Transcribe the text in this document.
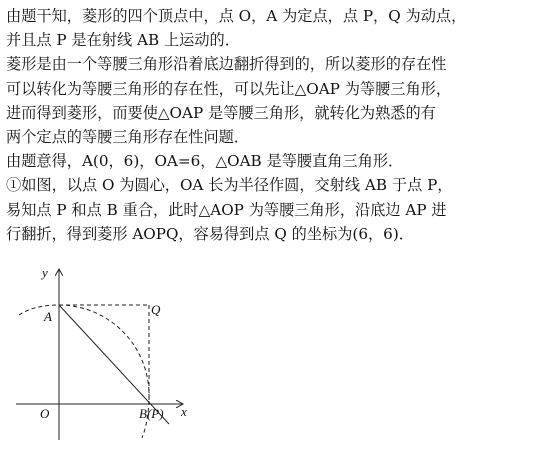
由题干知，菱形的四个顶点中，点 O，A 为定点，点 P，Q 为动点，
并且点 P 是在射线 AB 上运动的．
菱形是由一个等腰三角形沿着底边翻折得到的，所以菱形的存在性
可以转化为等腰三角形的存在性，可以先让△OAP 为等腰三角形，
进而得到菱形，而要使△OAP 是等腰三角形，就转化为熟悉的有
两个定点的等腰三角形存在性问题．
由题意得，A(0，6)，OA=6，△OAB 是等腰直角三角形．
①如图，以点 O 为圆心，OA 长为半径作圆，交射线 AB 于点 P，
易知点 P 和点 B 重合，此时△AOP 为等腰三角形，沿底边 AP 进
行翻折，得到菱形 AOPQ，容易得到点 Q 的坐标为(6，6)．
y
A	Q
O	B(P) x
